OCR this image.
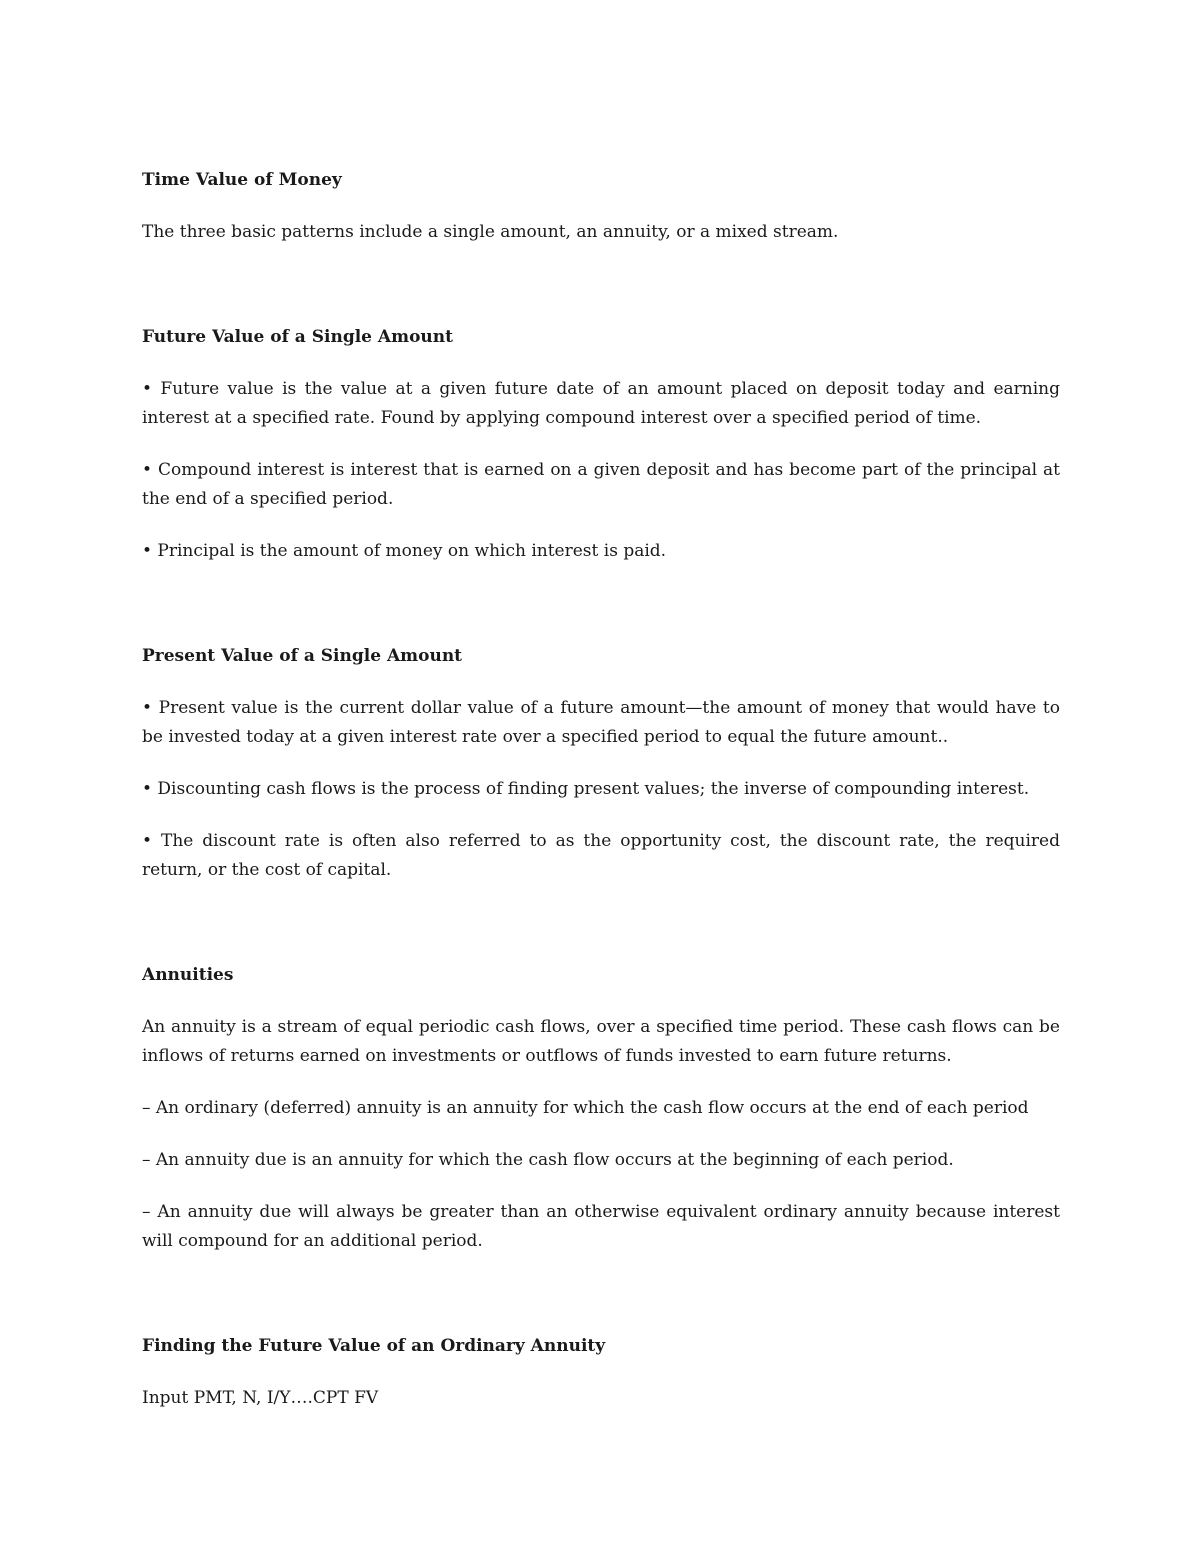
Time Value of Money
The three basic patterns include a single amount, an annuity, or a mixed stream.
Future Value of a Single Amount
• Future value is the value at a given future date of an amount placed on deposit today and earning interest at a specified rate. Found by applying compound interest over a specified period of time.
• Compound interest is interest that is earned on a given deposit and has become part of the principal at the end of a specified period.
• Principal is the amount of money on which interest is paid.
Present Value of a Single Amount
• Present value is the current dollar value of a future amount—the amount of money that would have to be invested today at a given interest rate over a specified period to equal the future amount..
• Discounting cash flows is the process of finding present values; the inverse of compounding interest.
• The discount rate is often also referred to as the opportunity cost, the discount rate, the required return, or the cost of capital.
Annuities
An annuity is a stream of equal periodic cash flows, over a specified time period. These cash flows can be inflows of returns earned on investments or outflows of funds invested to earn future returns.
– An ordinary (deferred) annuity is an annuity for which the cash flow occurs at the end of each period
– An annuity due is an annuity for which the cash flow occurs at the beginning of each period.
– An annuity due will always be greater than an otherwise equivalent ordinary annuity because interest will compound for an additional period.
Finding the Future Value of an Ordinary Annuity
Input PMT, N, I/Y….CPT FV
